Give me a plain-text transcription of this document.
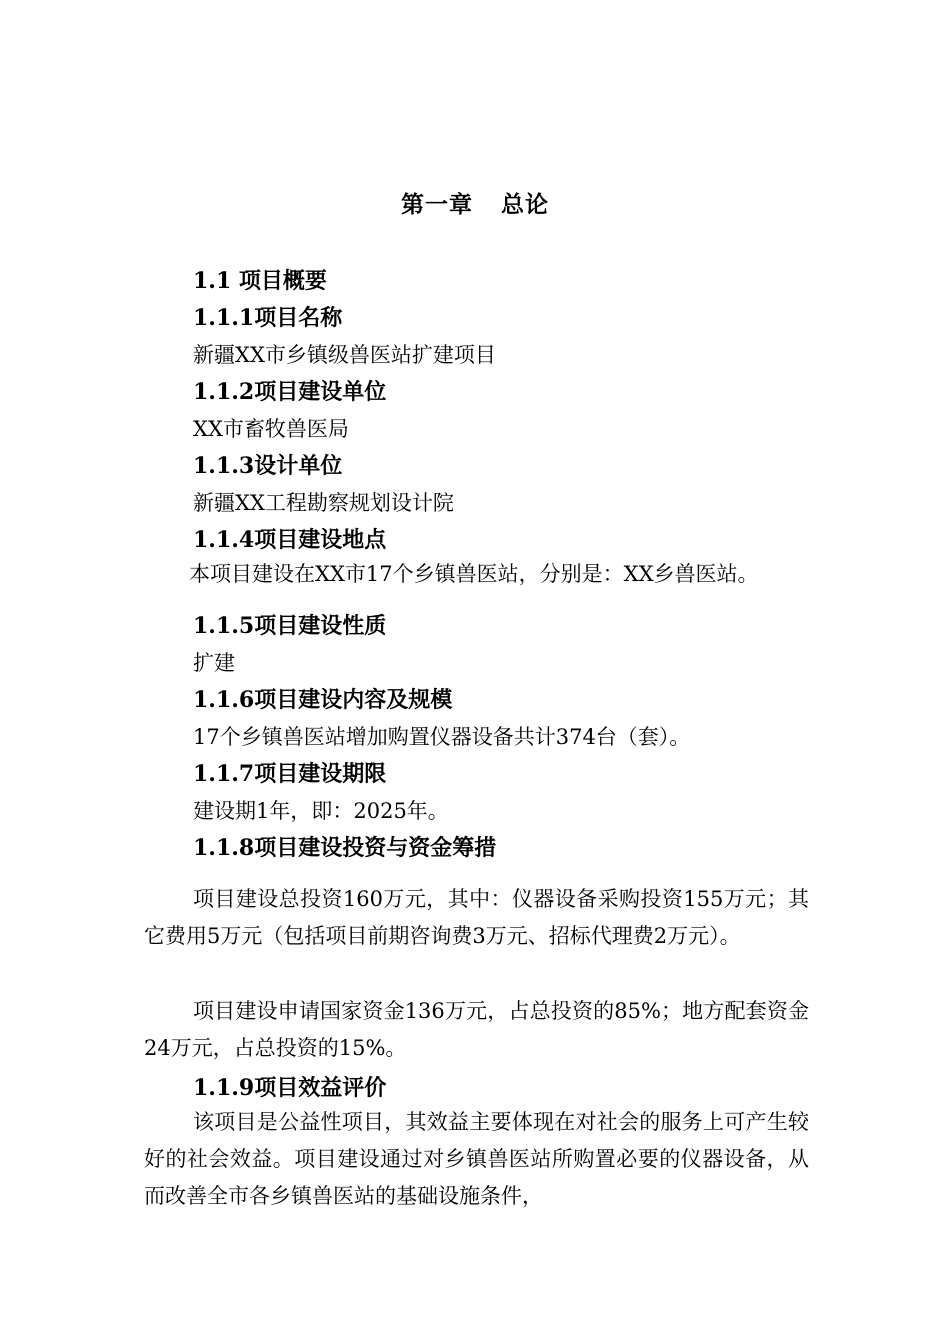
第一章 总论
1.1 项目概要
1.1.1项目名称
新疆XX市乡镇级兽医站扩建项目
1.1.2项目建设单位
XX市畜牧兽医局
1.1.3设计单位
新疆XX工程勘察规划设计院
1.1.4项目建设地点

本项目建设在XX市17个乡镇兽医站，分别是：XX乡兽医站。

1.1.5项目建设性质
扩建
1.1.6项目建设内容及规模
17个乡镇兽医站增加购置仪器设备共计374台（套）。
1.1.7项目建设期限
建设期1年，即：2025年。
1.1.8项目建设投资与资金筹措

项目建设总投资160万元，其中：仪器设备采购投资155万元；其它费用5万元（包括项目前期咨询费3万元、招标代理费2万元）。

项目建设申请国家资金136万元，占总投资的85%；地方配套资金24万元，占总投资的15%。

1.1.9项目效益评价

该项目是公益性项目，其效益主要体现在对社会的服务上可产生较好的社会效益。项目建设通过对乡镇兽医站所购置必要的仪器设备，从而改善全市各乡镇兽医站的基础设施条件，
